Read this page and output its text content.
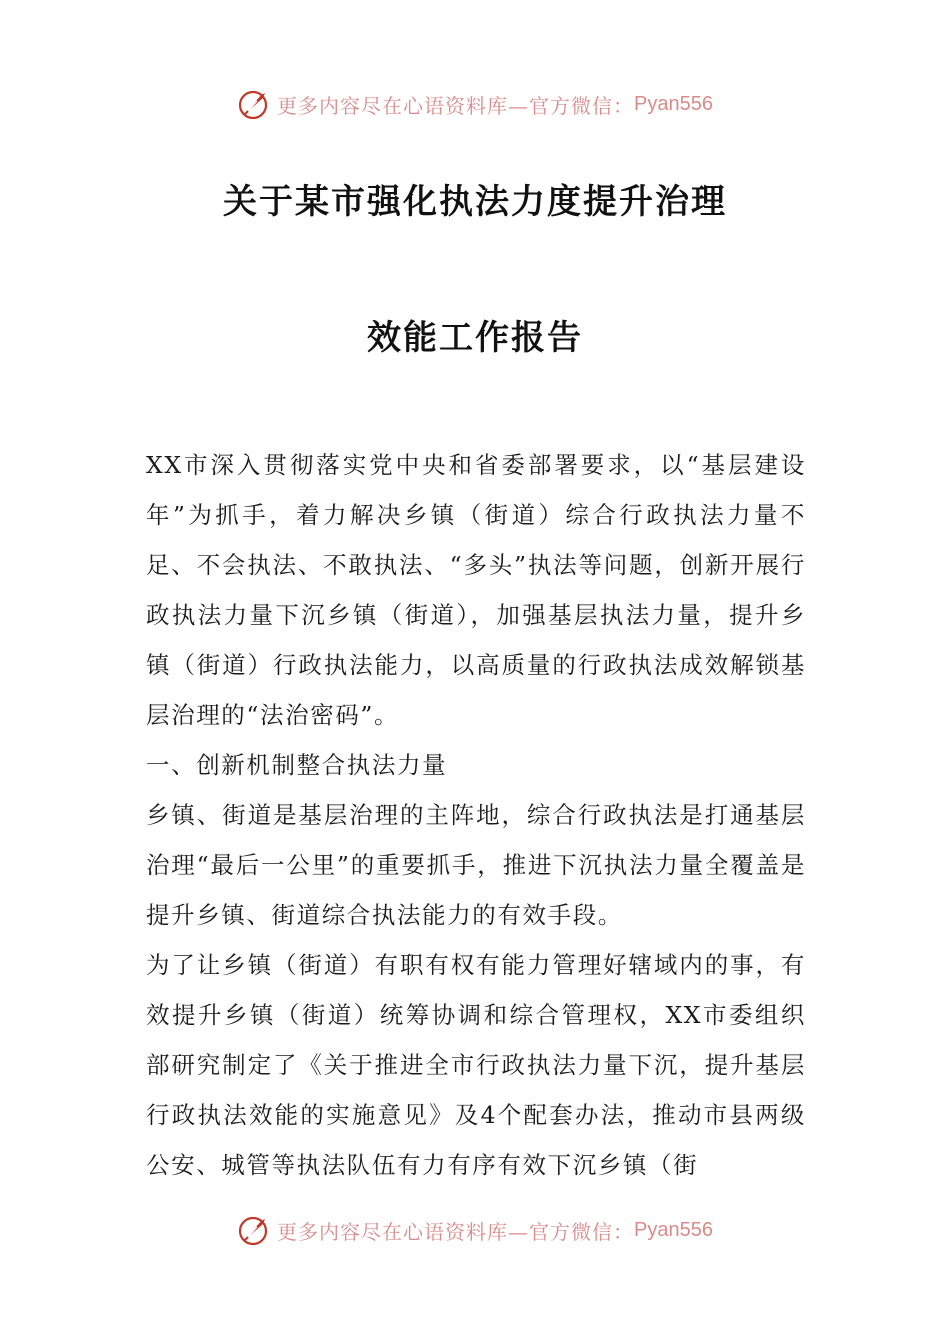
更多内容尽在心语资料库—官方微信： Pyan556
关于某市强化执法力度提升治理
效能工作报告

XX市深入贯彻落实党中央和省委部署要求，以“基层建设年”为抓手，着力解决乡镇（街道）综合行政执法力量不足、不会执法、不敢执法、“多头”执法等问题，创新开展行政执法力量下沉乡镇（街道），加强基层执法力量，提升乡镇（街道）行政执法能力，以高质量的行政执法成效解锁基层治理的“法治密码”。

一、创新机制整合执法力量

乡镇、街道是基层治理的主阵地，综合行政执法是打通基层治理“最后一公里”的重要抓手，推进下沉执法力量全覆盖是提升乡镇、街道综合执法能力的有效手段。

为了让乡镇（街道）有职有权有能力管理好辖域内的事，有效提升乡镇（街道）统筹协调和综合管理权，XX市委组织部研究制定了《关于推进全市行政执法力量下沉，提升基层行政执法效能的实施意见》及4个配套办法，推动市县两级公安、城管等执法队伍有力有序有效下沉乡镇（街

更多内容尽在心语资料库—官方微信： Pyan556
